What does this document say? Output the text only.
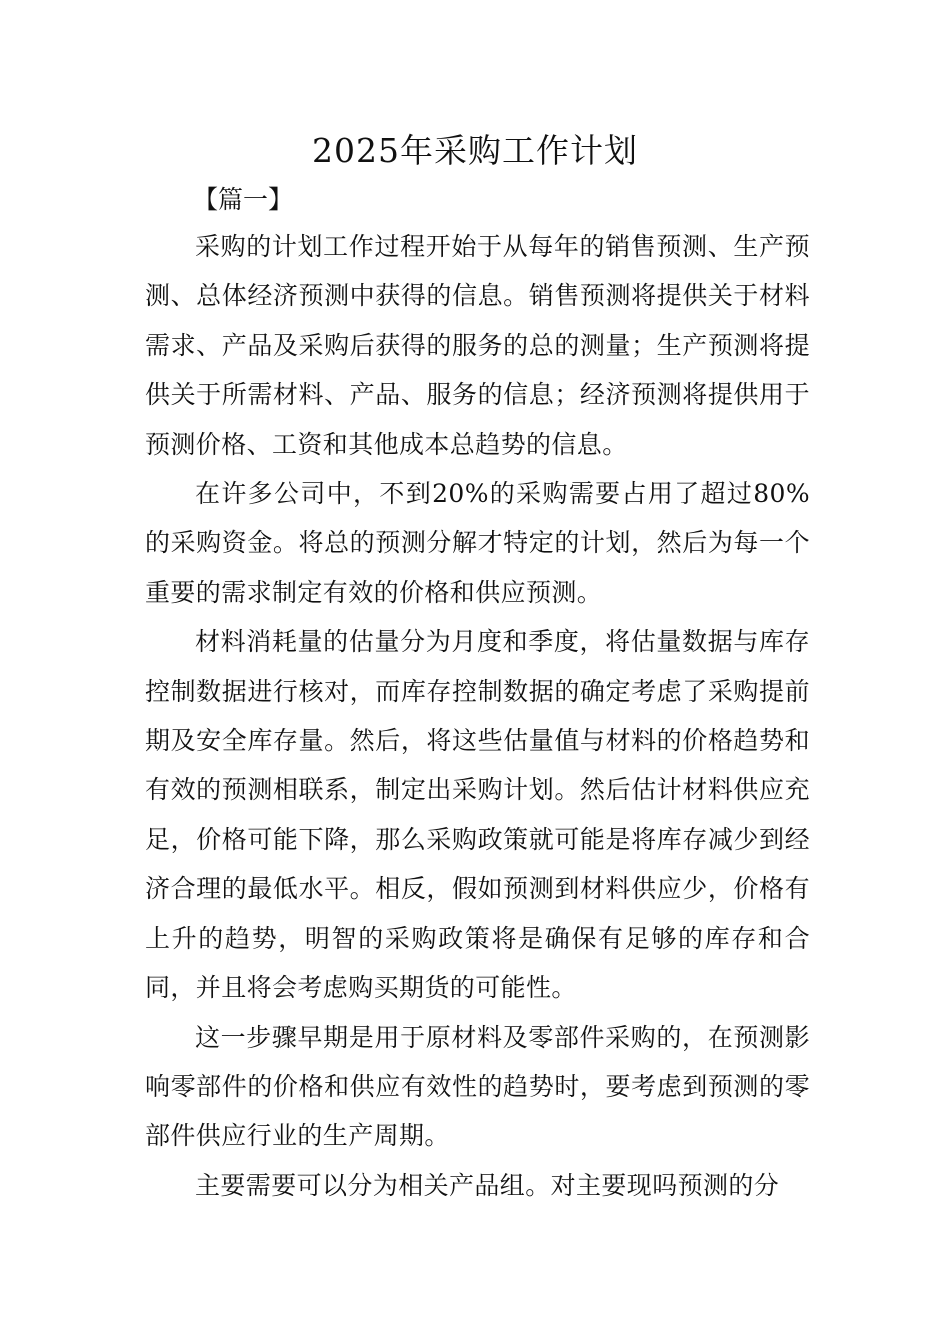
2025年采购工作计划

【篇一】

采购的计划工作过程开始于从每年的销售预测、生产预测、总体经济预测中获得的信息。销售预测将提供关于材料需求、产品及采购后获得的服务的总的测量；生产预测将提供关于所需材料、产品、服务的信息；经济预测将提供用于预测价格、工资和其他成本总趋势的信息。

在许多公司中，不到20%的采购需要占用了超过80%的采购资金。将总的预测分解才特定的计划，然后为每一个重要的需求制定有效的价格和供应预测。

材料消耗量的估量分为月度和季度，将估量数据与库存控制数据进行核对，而库存控制数据的确定考虑了采购提前期及安全库存量。然后，将这些估量值与材料的价格趋势和有效的预测相联系，制定出采购计划。然后估计材料供应充足，价格可能下降，那么采购政策就可能是将库存减少到经济合理的最低水平。相反，假如预测到材料供应少，价格有上升的趋势，明智的采购政策将是确保有足够的库存和合同，并且将会考虑购买期货的可能性。

这一步骤早期是用于原材料及零部件采购的，在预测影响零部件的价格和供应有效性的趋势时，要考虑到预测的零部件供应行业的生产周期。

主要需要可以分为相关产品组。对主要现吗预测的分
